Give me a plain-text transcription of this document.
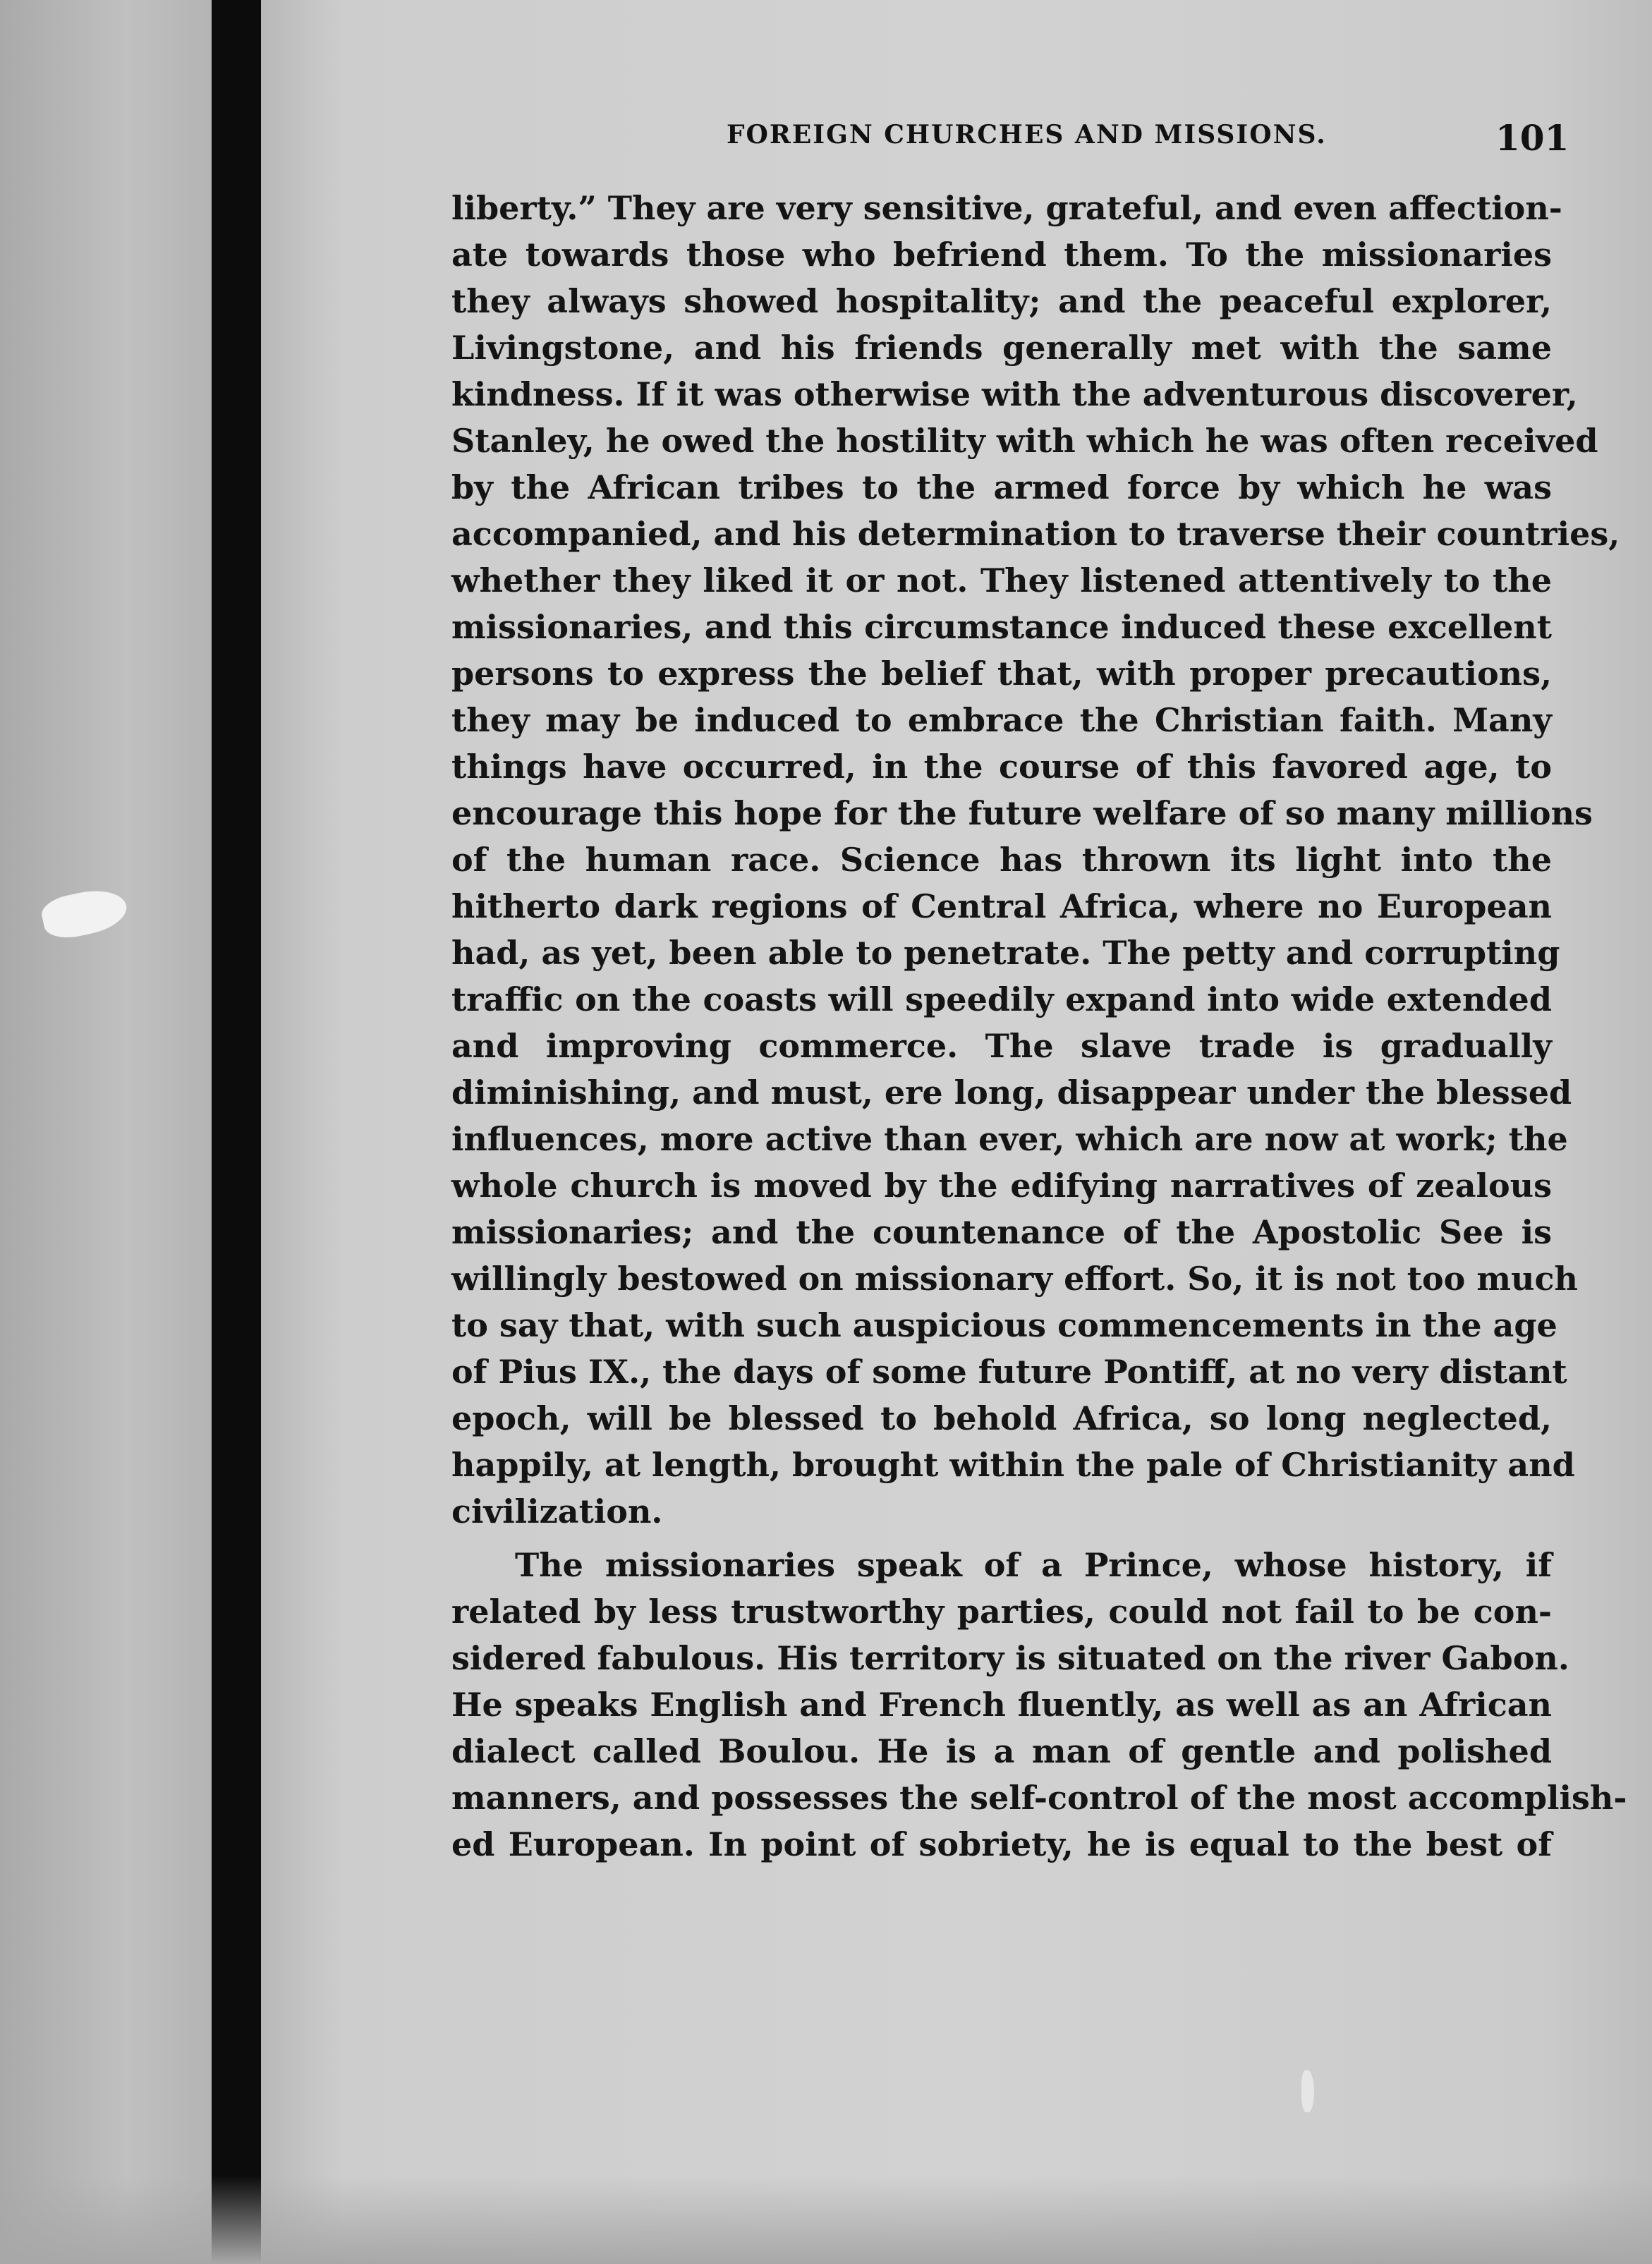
FOREIGN CHURCHES AND MISSIONS.	101
liberty.” They are very sensitive, grateful, and even affection-
ate towards those who befriend them. To the missionaries
they always showed hospitality; and the peaceful explorer,
Livingstone, and his friends generally met with the same
kindness. If it was otherwise with the adventurous discoverer,
Stanley, he owed the hostility with which he was often received
by the African tribes to the armed force by which he was
accompanied, and his determination to traverse their countries,
whether they liked it or not. They listened attentively to the
missionaries, and this circumstance induced these excellent
persons to express the belief that, with proper precautions,
they may be induced to embrace the Christian faith. Many
things have occurred, in the course of this favored age, to
encourage this hope for the future welfare of so many millions
of the human race. Science has thrown its light into the
hitherto dark regions of Central Africa, where no European
had, as yet, been able to penetrate. The petty and corrupting
traffic on the coasts will speedily expand into wide extended
and improving commerce. The slave trade is gradually
diminishing, and must, ere long, disappear under the blessed
influences, more active than ever, which are now at work; the
whole church is moved by the edifying narratives of zealous
missionaries; and the countenance of the Apostolic See is
willingly bestowed on missionary effort. So, it is not too much
to say that, with such auspicious commencements in the age
of Pius IX., the days of some future Pontiff, at no very distant
epoch, will be blessed to behold Africa, so long neglected,
happily, at length, brought within the pale of Christianity and
civilization.
The missionaries speak of a Prince, whose history, if
related by less trustworthy parties, could not fail to be con-
sidered fabulous. His territory is situated on the river Gabon.
He speaks English and French fluently, as well as an African
dialect called Boulou. He is a man of gentle and polished
manners, and possesses the self-control of the most accomplish-
ed European. In point of sobriety, he is equal to the best of
